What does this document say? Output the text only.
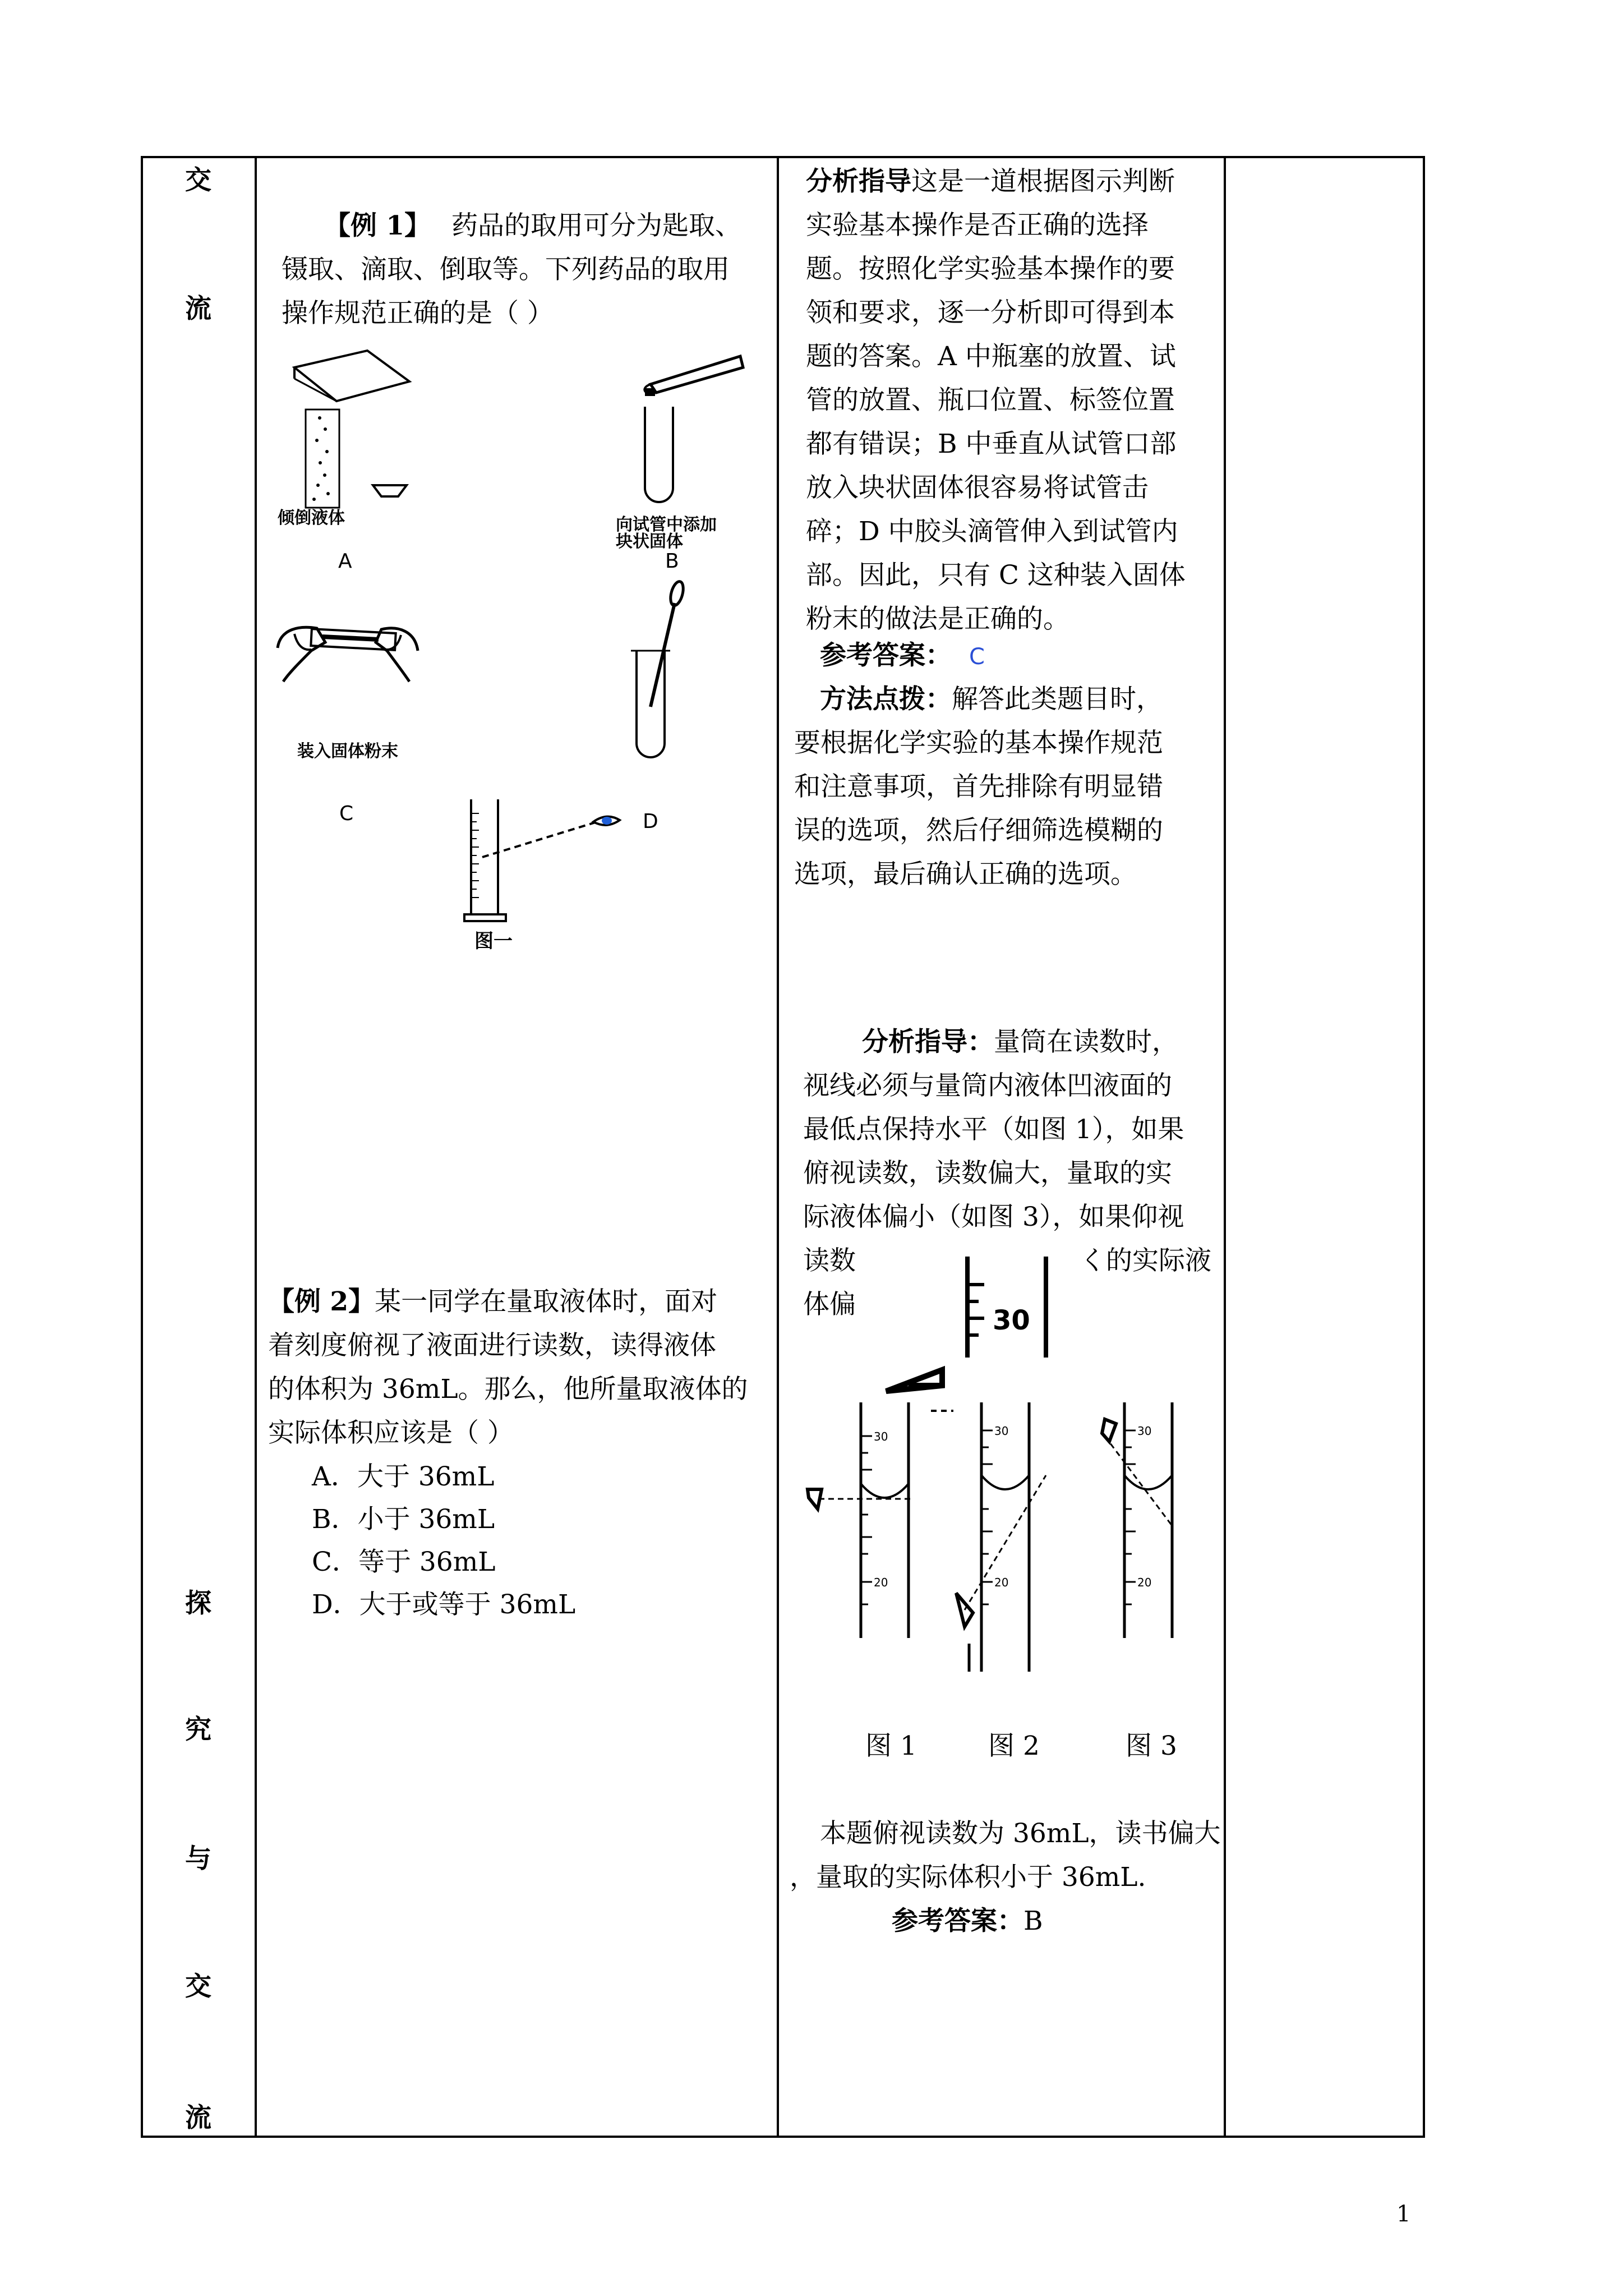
交
流
探
究
与
交
流
【例 1】 药品的取用可分为匙取、
镊取、滴取、倒取等。下列药品的取用
操作规范正确的是（ ）
倾倒液体
A
向试管中添加
块状固体
B
装入固体粉末
C	D
图一
分析指导这是一道根据图示判断
实验基本操作是否正确的选择
题。按照化学实验基本操作的要
领和要求，逐一分析即可得到本
题的答案。A 中瓶塞的放置、试
管的放置、瓶口位置、标签位置
都有错误；B 中垂直从试管口部
放入块状固体很容易将试管击
碎；D 中胶头滴管伸入到试管内
部。因此，只有 C 这种装入固体
粉末的做法是正确的。
参考答案： C
方法点拨：解答此类题目时，
要根据化学实验的基本操作规范
和注意事项，首先排除有明显错
误的选项，然后仔细筛选模糊的
选项，最后确认正确的选项。
【例 2】某一同学在量取液体时，面对
着刻度俯视了液面进行读数，读得液体
的体积为 36mL。那么，他所量取液体的
实际体积应该是（ ）
A．大于 36mL
B．小于 36mL
C．等于 36mL
D．大于或等于 36mL
分析指导：量筒在读数时，
视线必须与量筒内液体凹液面的
最低点保持水平（如图 1），如果
俯视读数，读数偏大，量取的实
际液体偏小（如图 3），如果仰视
读数	く的实际液
体偏
30
30
20
30
20
30
20
图 1	图 2	图 3
本题俯视读数为 36mL，读书偏大
，量取的实际体积小于 36mL.
参考答案：B
1
